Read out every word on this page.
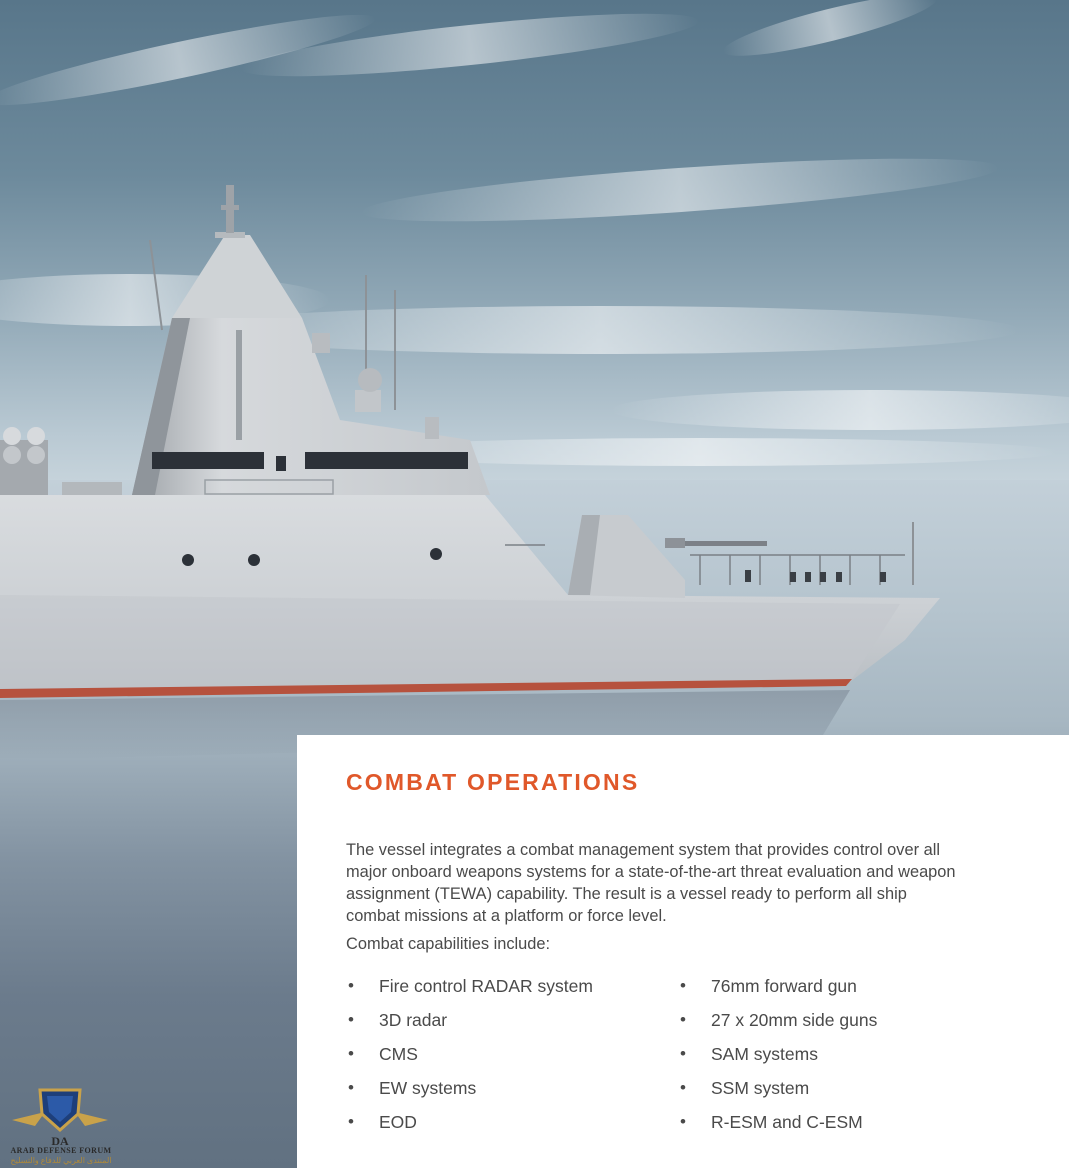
COMBAT OPERATIONS

The vessel integrates a combat management system that provides control over all major onboard weapons systems for a state-of-the-art threat evaluation and weapon assignment (TEWA) capability. The result is a vessel ready to perform all ship combat missions at a platform or force level.

Combat capabilities include:

• Fire control RADAR system
• 3D radar
• CMS
• EW systems
• EOD
• 76mm forward gun
• 27 x 20mm side guns
• SAM systems
• SSM system
• R-ESM and C-ESM
DA

ARAB DEFENSE FORUM

المنتدى العربي للدفاع والتسليح
